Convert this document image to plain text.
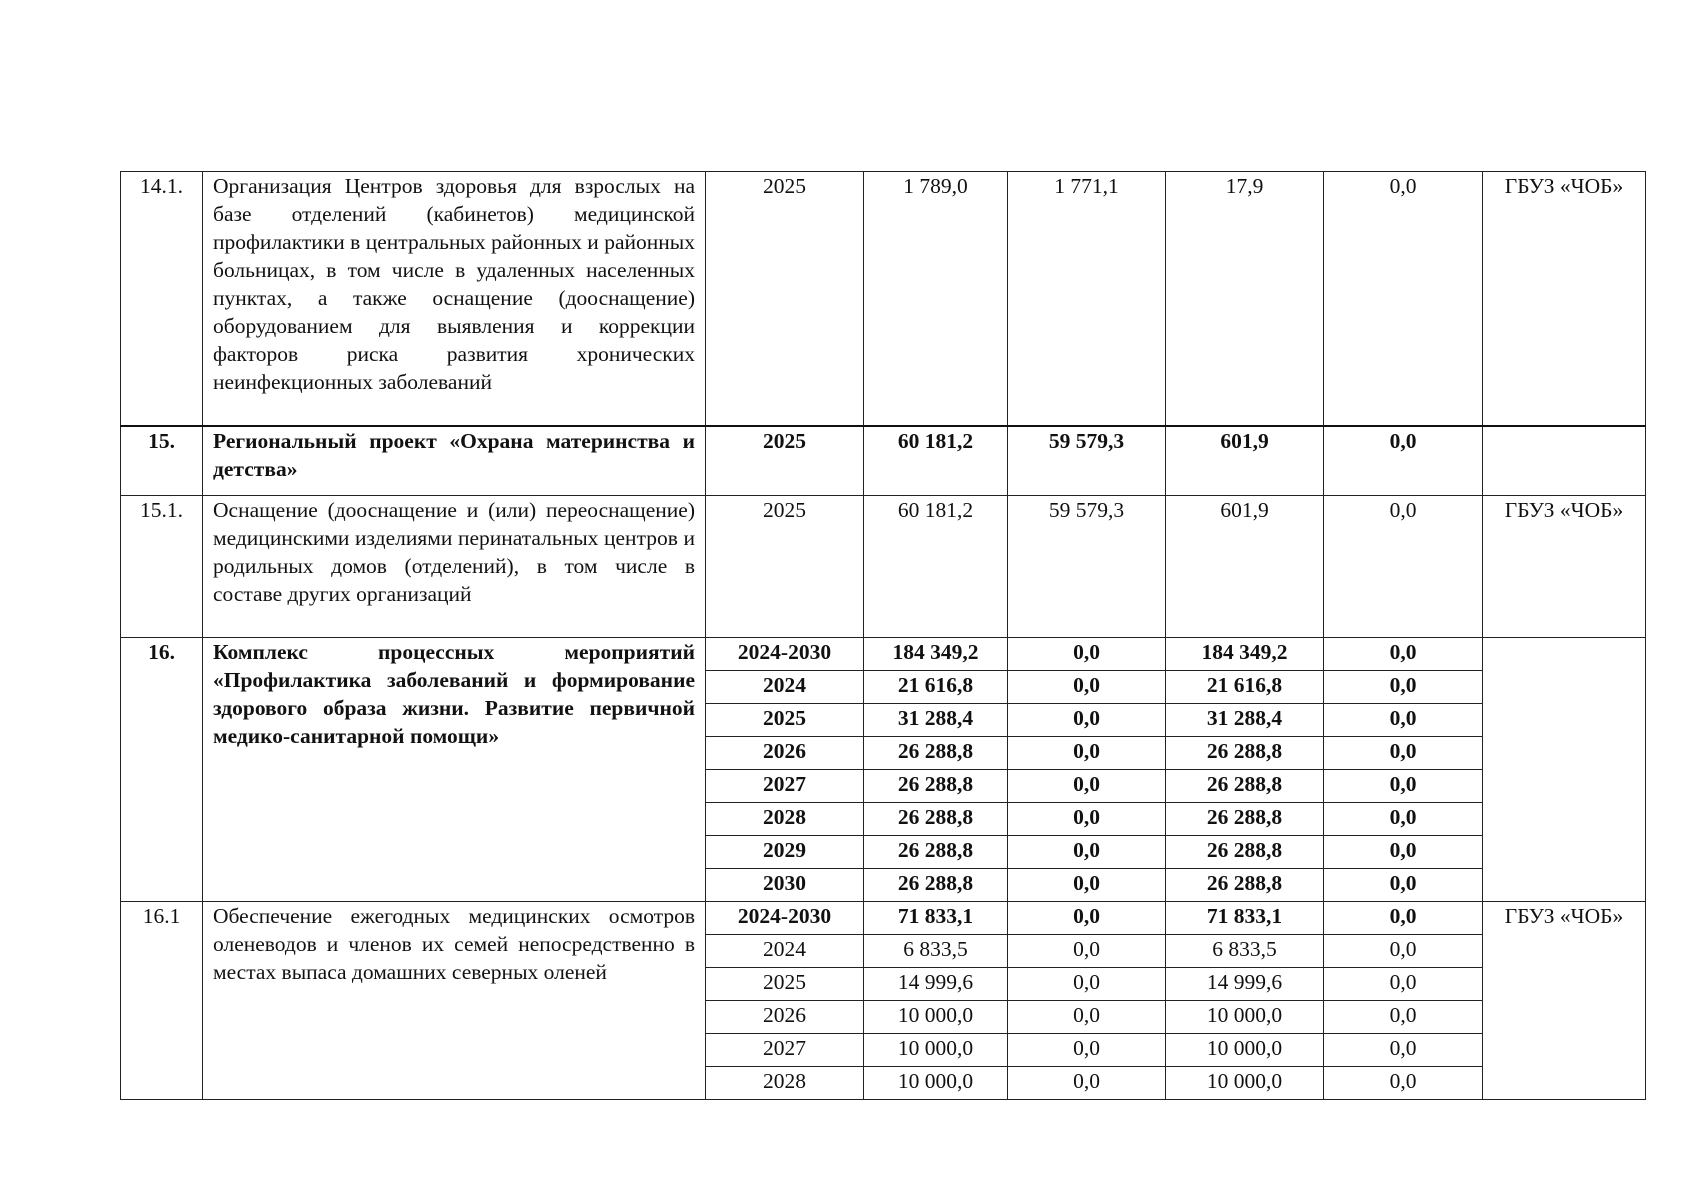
14.1.	Организация Центров здоровья для взрослых на базе отделений (кабинетов) медицинской профилактики в центральных районных и районных больницах, в том числе в удаленных населенных пунктах, а также оснащение (дооснащение) оборудованием для выявления и коррекции факторов риска развития хронических неинфекционных заболеваний	2025	1 789,0	1 771,1	17,9	0,0	ГБУЗ «ЧОБ»
15.	Региональный проект «Охрана материнства и детства»	2025	60 181,2	59 579,3	601,9	0,0	
15.1.	Оснащение (дооснащение и (или) переоснащение) медицинскими изделиями перинатальных центров и родильных домов (отделений), в том числе в составе других организаций	2025	60 181,2	59 579,3	601,9	0,0	ГБУЗ «ЧОБ»
16.	Комплекс процессных мероприятий «Профилактика заболеваний и формирование здорового образа жизни. Развитие первичной медико-санитарной помощи»	2024-2030	184 349,2	0,0	184 349,2	0,0	
		2024	21 616,8	0,0	21 616,8	0,0	
		2025	31 288,4	0,0	31 288,4	0,0	
		2026	26 288,8	0,0	26 288,8	0,0	
		2027	26 288,8	0,0	26 288,8	0,0	
		2028	26 288,8	0,0	26 288,8	0,0	
		2029	26 288,8	0,0	26 288,8	0,0	
		2030	26 288,8	0,0	26 288,8	0,0	
16.1	Обеспечение ежегодных медицинских осмотров оленеводов и членов их семей непосредственно в местах выпаса домашних северных оленей	2024-2030	71 833,1	0,0	71 833,1	0,0	ГБУЗ «ЧОБ»
		2024	6 833,5	0,0	6 833,5	0,0	
		2025	14 999,6	0,0	14 999,6	0,0	
		2026	10 000,0	0,0	10 000,0	0,0	
		2027	10 000,0	0,0	10 000,0	0,0	
		2028	10 000,0	0,0	10 000,0	0,0	
